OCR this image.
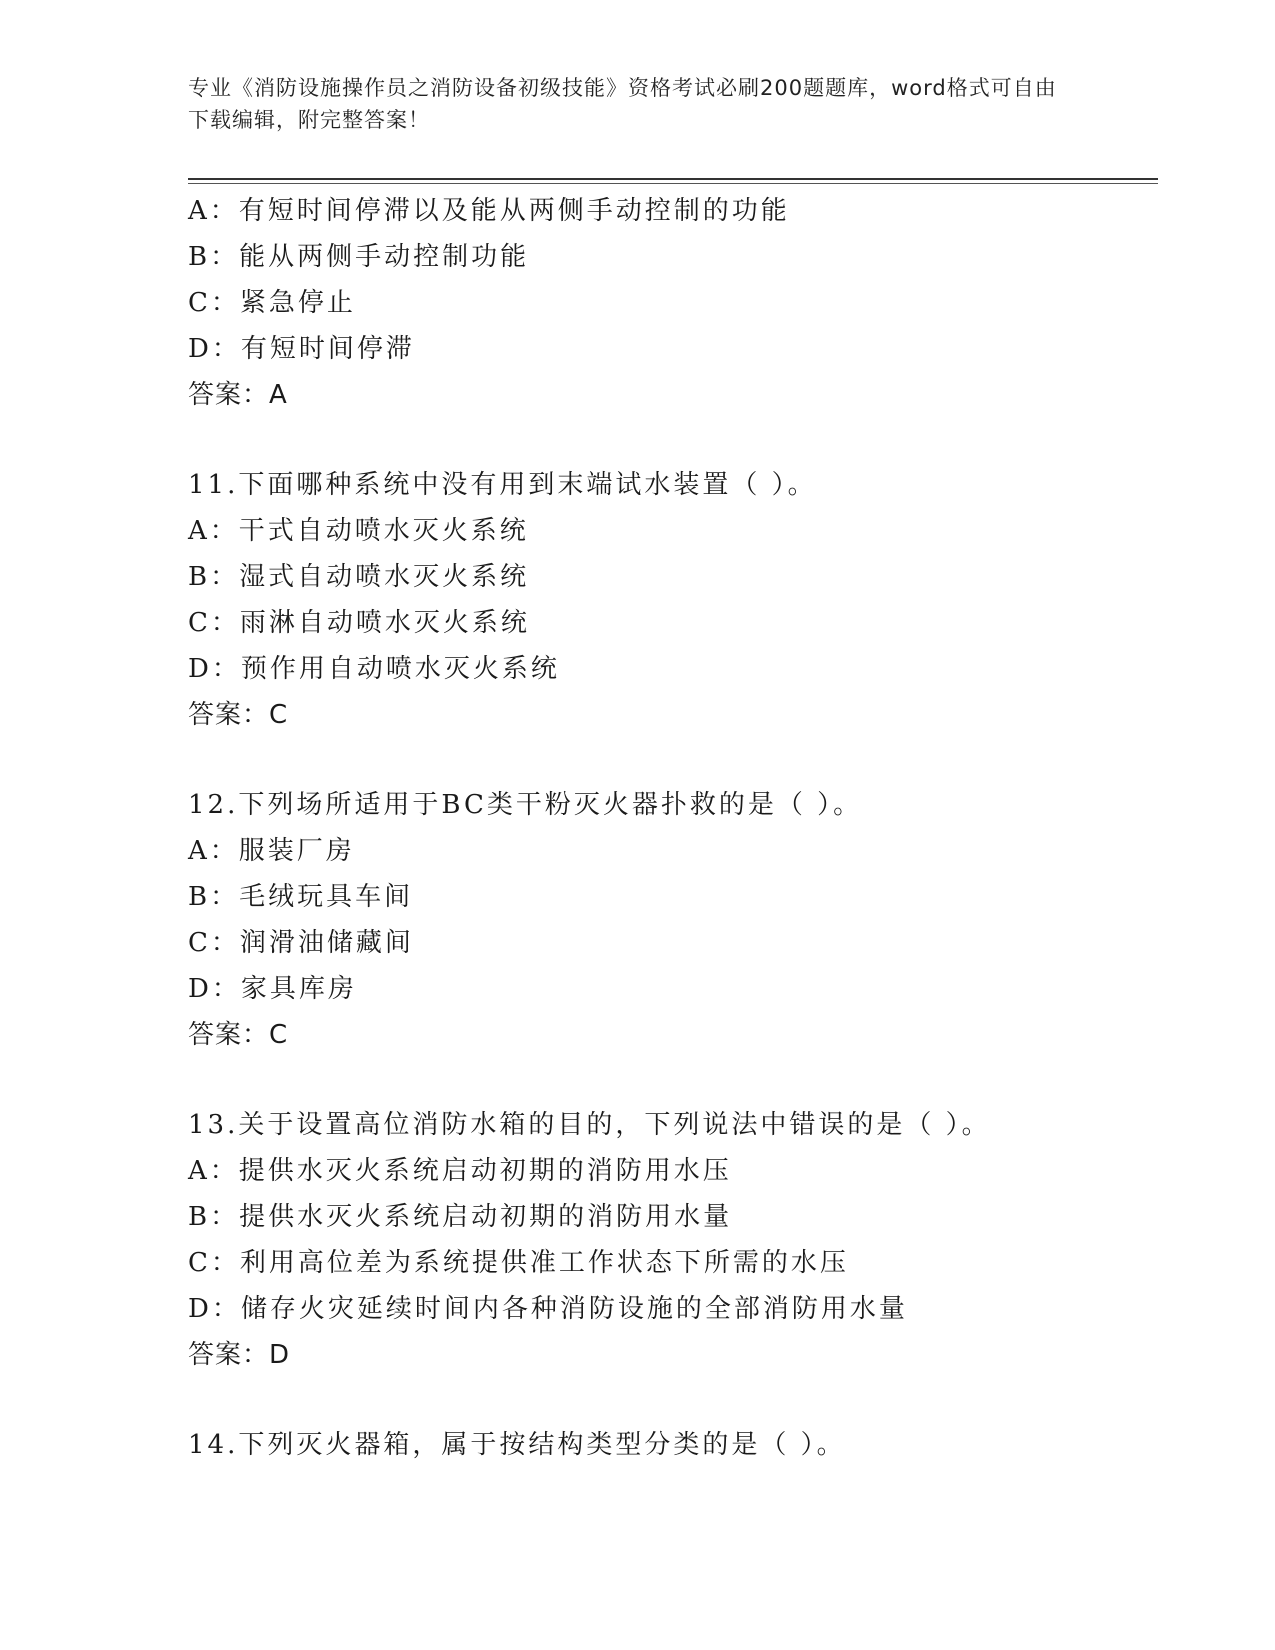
专业《消防设施操作员之消防设备初级技能》资格考试必刷200题题库，word格式可自由下载编辑，附完整答案！
A：有短时间停滞以及能从两侧手动控制的功能
B：能从两侧手动控制功能
C：紧急停止
D：有短时间停滞
答案：A
11.下面哪种系统中没有用到末端试水装置（ ）。
A：干式自动喷水灭火系统
B：湿式自动喷水灭火系统
C：雨淋自动喷水灭火系统
D：预作用自动喷水灭火系统
答案：C
12.下列场所适用于BC类干粉灭火器扑救的是（ ）。
A：服装厂房
B：毛绒玩具车间
C：润滑油储藏间
D：家具库房
答案：C
13.关于设置高位消防水箱的目的，下列说法中错误的是（ ）。
A：提供水灭火系统启动初期的消防用水压
B：提供水灭火系统启动初期的消防用水量
C：利用高位差为系统提供准工作状态下所需的水压
D：储存火灾延续时间内各种消防设施的全部消防用水量
答案：D
14.下列灭火器箱，属于按结构类型分类的是（ ）。
